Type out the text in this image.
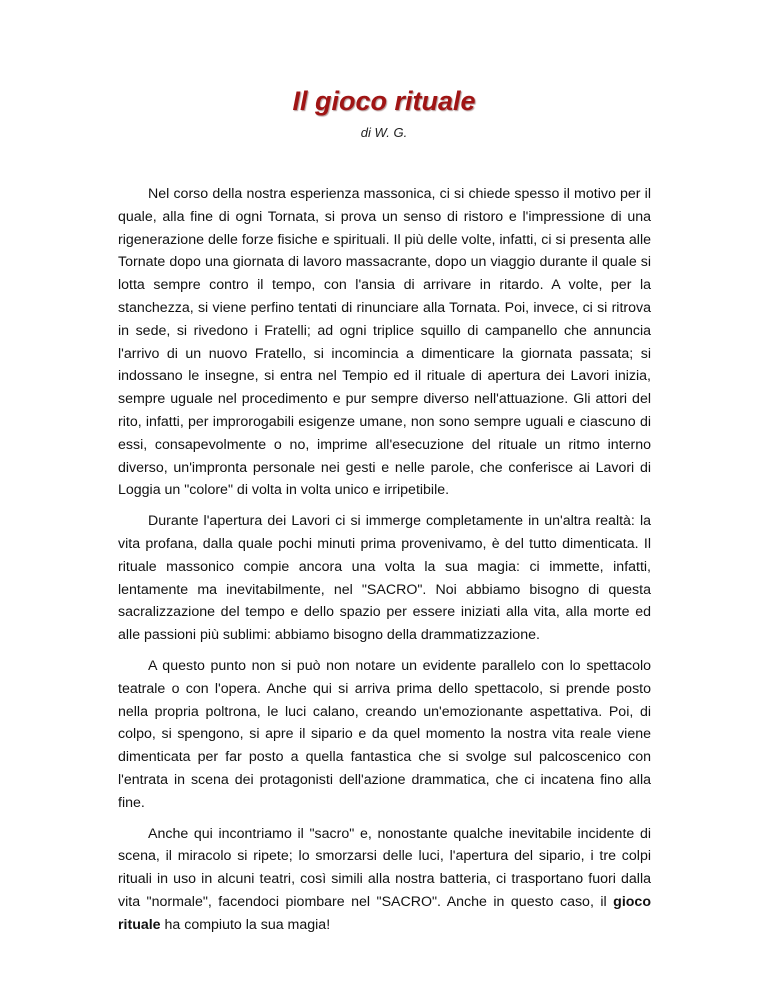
Il gioco rituale

di W. G.

Nel corso della nostra esperienza massonica, ci si chiede spesso il motivo per il quale, alla fine di ogni Tornata, si prova un senso di ristoro e l'impressione di una rigenerazione delle forze fisiche e spirituali. Il più delle volte, infatti, ci si presenta alle Tornate dopo una giornata di lavoro massacrante, dopo un viaggio durante il quale si lotta sempre contro il tempo, con l'ansia di arrivare in ritardo. A volte, per la stanchezza, si viene perfino tentati di rinunciare alla Tornata. Poi, invece, ci si ritrova in sede, si rivedono i Fratelli; ad ogni triplice squillo di campanello che annuncia l'arrivo di un nuovo Fratello, si incomincia a dimenticare la giornata passata; si indossano le insegne, si entra nel Tempio ed il rituale di apertura dei Lavori inizia, sempre uguale nel procedimento e pur sempre diverso nell'attuazione. Gli attori del rito, infatti, per improrogabili esigenze umane, non sono sempre uguali e ciascuno di essi, consapevolmente o no, imprime all'esecuzione del rituale un ritmo interno diverso, un'impronta personale nei gesti e nelle parole, che conferisce ai Lavori di Loggia un "colore" di volta in volta unico e irripetibile.

Durante l'apertura dei Lavori ci si immerge completamente in un'altra realtà: la vita profana, dalla quale pochi minuti prima provenivamo, è del tutto dimenticata. Il rituale massonico compie ancora una volta la sua magia: ci immette, infatti, lentamente ma inevitabilmente, nel "SACRO". Noi abbiamo bisogno di questa sacralizzazione del tempo e dello spazio per essere iniziati alla vita, alla morte ed alle passioni più sublimi: abbiamo bisogno della drammatizzazione.

A questo punto non si può non notare un evidente parallelo con lo spettacolo teatrale o con l'opera. Anche qui si arriva prima dello spettacolo, si prende posto nella propria poltrona, le luci calano, creando un'emozionante aspettativa. Poi, di colpo, si spengono, si apre il sipario e da quel momento la nostra vita reale viene dimenticata per far posto a quella fantastica che si svolge sul palcoscenico con l'entrata in scena dei protagonisti dell'azione drammatica, che ci incatena fino alla fine.

Anche qui incontriamo il "sacro" e, nonostante qualche inevitabile incidente di scena, il miracolo si ripete; lo smorzarsi delle luci, l'apertura del sipario, i tre colpi rituali in uso in alcuni teatri, così simili alla nostra batteria, ci trasportano fuori dalla vita "normale", facendoci piombare nel "SACRO". Anche in questo caso, il gioco rituale ha compiuto la sua magia!
